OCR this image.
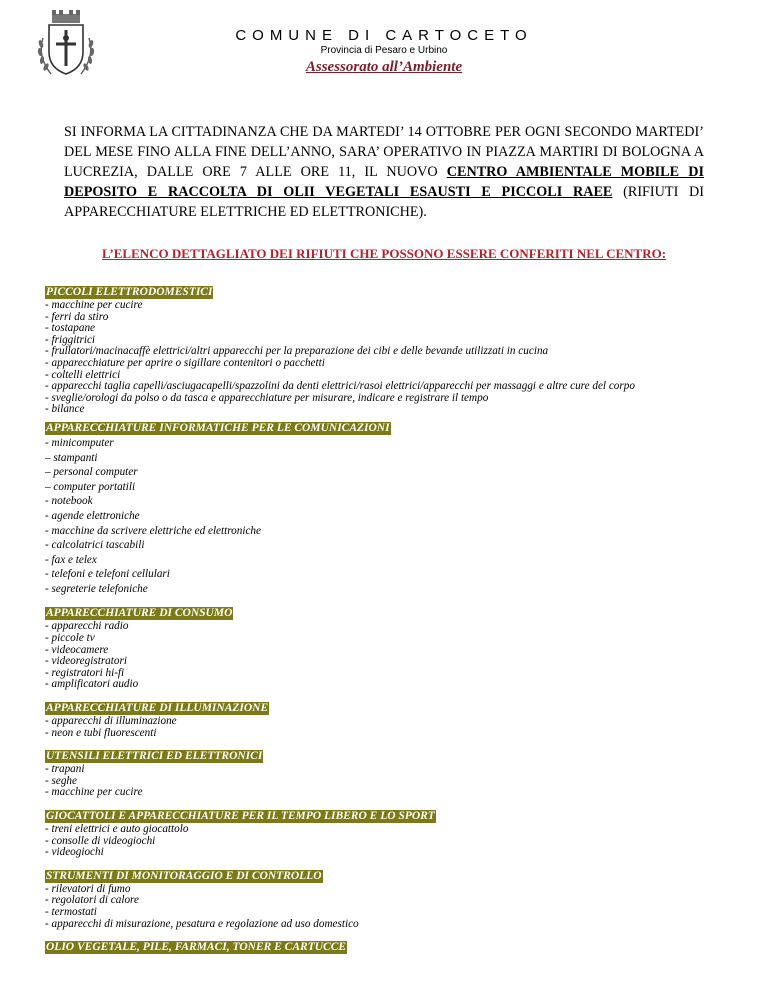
COMUNE DI CARTOCETO
Provincia di Pesaro e Urbino
Assessorato all’Ambiente
SI INFORMA LA CITTADINANZA CHE DA MARTEDI’ 14 OTTOBRE PER OGNI SECONDO MARTEDI’ DEL MESE FINO ALLA FINE DELL’ANNO, SARA’ OPERATIVO IN PIAZZA MARTIRI DI BOLOGNA A LUCREZIA, DALLE ORE 7 ALLE ORE 11, IL NUOVO CENTRO AMBIENTALE MOBILE DI DEPOSITO E RACCOLTA DI OLII VEGETALI ESAUSTI E PICCOLI RAEE (RIFIUTI DI APPARECCHIATURE ELETTRICHE ED ELETTRONICHE).
L’ELENCO DETTAGLIATO DEI RIFIUTI CHE POSSONO ESSERE CONFERITI NEL CENTRO:
PICCOLI ELETTRODOMESTICI
- macchine per cucire
- ferri da stiro
- tostapane
- friggitrici
- frullatori/macinacaffè elettrici/altri apparecchi per la preparazione dei cibi e delle bevande utilizzati in cucina
- apparecchiature per aprire o sigillare contenitori o pacchetti
- coltelli elettrici
- apparecchi taglia capelli/asciugacapelli/spazzolini da denti elettrici/rasoi elettrici/apparecchi per massaggi e altre cure del corpo
- sveglie/orologi da polso o da tasca e apparecchiature per misurare, indicare e registrare il tempo
- bilance
APPARECCHIATURE INFORMATICHE PER LE COMUNICAZIONI
- minicomputer
– stampanti
– personal computer
– computer portatili
- notebook
- agende elettroniche
- macchine da scrivere elettriche ed elettroniche
- calcolatrici tascabili
- fax e telex
- telefoni e telefoni cellulari
- segreterie telefoniche
APPARECCHIATURE DI CONSUMO
- apparecchi radio
- piccole tv
- videocamere
- videoregistratori
- registratori hi-fi
- amplificatori audio
APPARECCHIATURE DI ILLUMINAZIONE
- apparecchi di illuminazione
- neon e tubi fluorescenti
UTENSILI ELETTRICI ED ELETTRONICI
- trapani
- seghe
- macchine per cucire
GIOCATTOLI E APPARECCHIATURE PER IL TEMPO LIBERO E LO SPORT
- treni elettrici e auto giocattolo
- consolle di videogiochi
- videogiochi
STRUMENTI DI MONITORAGGIO E DI CONTROLLO
- rilevatori di fumo
- regolatori di calore
- termostati
- apparecchi di misurazione, pesatura e regolazione ad uso domestico
OLIO VEGETALE, PILE, FARMACI, TONER E CARTUCCE
